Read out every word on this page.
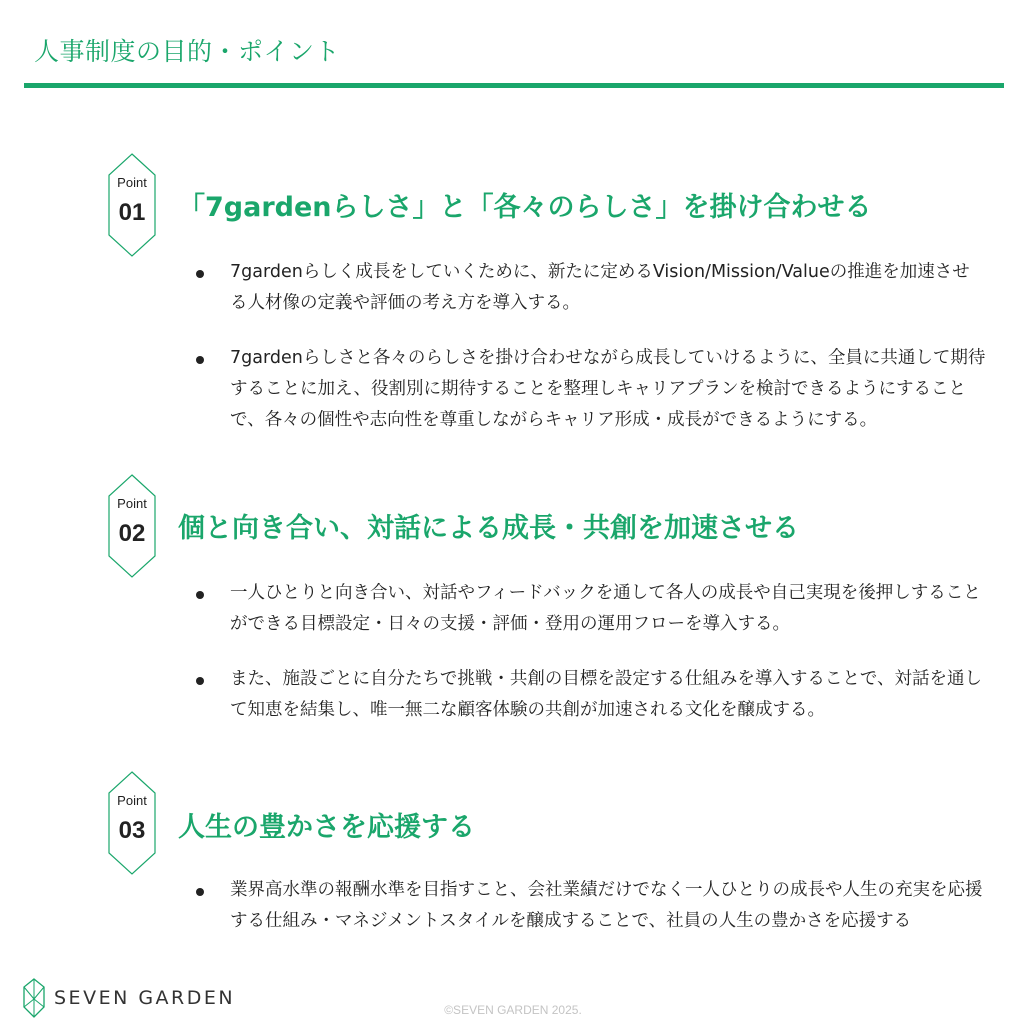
人事制度の目的・ポイント
Point
01	「7gardenらしさ」と「各々のらしさ」を掛け合わせる
7gardenらしく成長をしていくために、新たに定めるVision/Mission/Valueの推進を加速させる人材像の定義や評価の考え方を導入する。
7gardenらしさと各々のらしさを掛け合わせながら成長していけるように、全員に共通して期待することに加え、役割別に期待することを整理しキャリアプランを検討できるようにすることで、各々の個性や志向性を尊重しながらキャリア形成・成長ができるようにする。
Point
02	個と向き合い、対話による成長・共創を加速させる
一人ひとりと向き合い、対話やフィードバックを通して各人の成長や自己実現を後押しすることができる目標設定・日々の支援・評価・登用の運用フローを導入する。
また、施設ごとに自分たちで挑戦・共創の目標を設定する仕組みを導入することで、対話を通して知恵を結集し、唯一無二な顧客体験の共創が加速される文化を醸成する。
Point
03	人生の豊かさを応援する
業界高水準の報酬水準を目指すこと、会社業績だけでなく一人ひとりの成長や人生の充実を応援する仕組み・マネジメントスタイルを醸成することで、社員の人生の豊かさを応援する
SEVEN GARDEN
©SEVEN GARDEN 2025.
